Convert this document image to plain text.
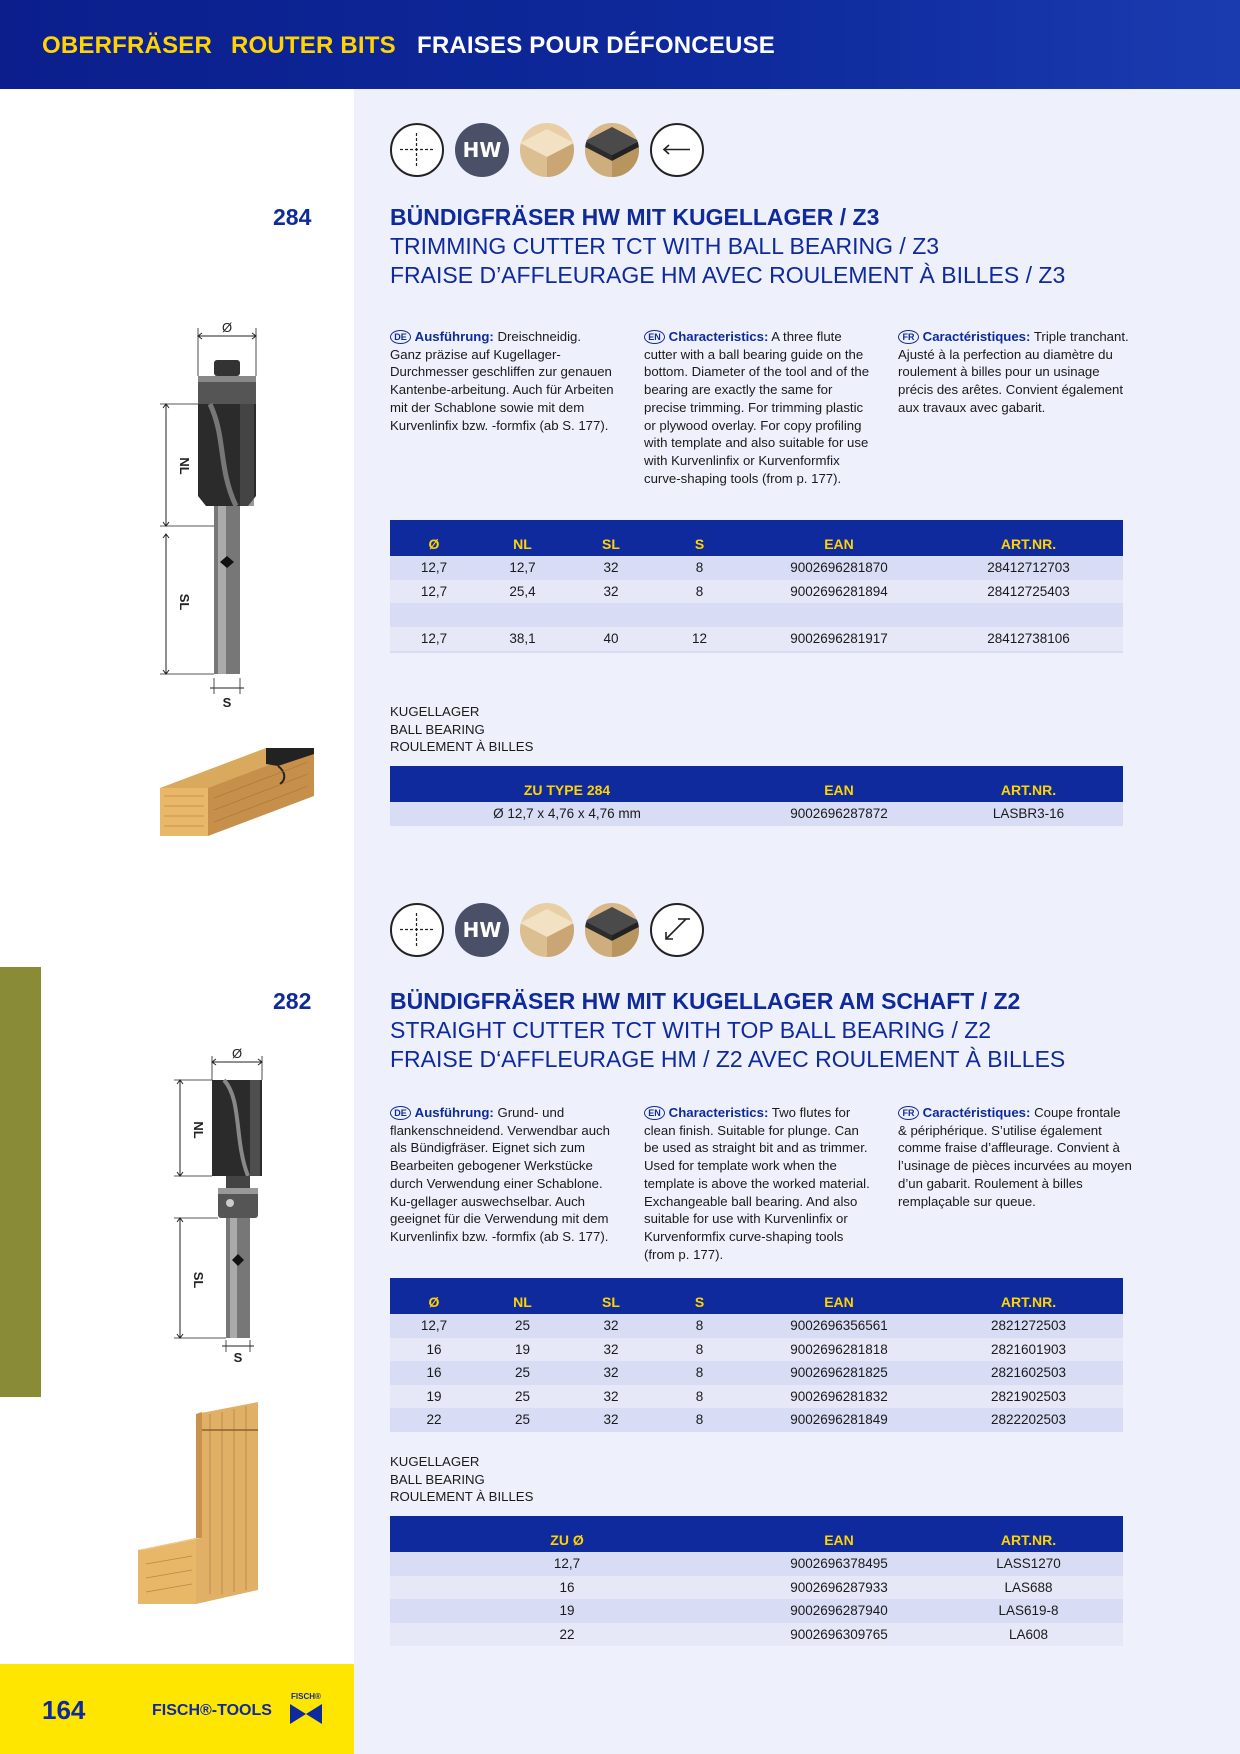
OBERFRÄSER ROUTER BITS FRAISES POUR DÉFONCEUSE
HW
284	BÜNDIGFRÄSER HW MIT KUGELLAGER / Z3
TRIMMING CUTTER TCT WITH BALL BEARING / Z3
FRAISE D’AFFLEURAGE HM AVEC ROULEMENT À BILLES / Z3
DE Ausführung: Dreischneidig. Ganz präzise auf Kugellager-Durchmesser geschliffen zur genauen Kantenbe-arbeitung. Auch für Arbeiten mit der Schablone sowie mit dem Kurvenlinfix bzw. -formfix (ab S. 177).
EN Characteristics: A three flute cutter with a ball bearing guide on the bottom. Diameter of the tool and of the bearing are exactly the same for precise trimming. For trimming plastic or plywood overlay. For copy profiling with template and also suitable for use with Kurvenlinfix or Kurvenformfix curve-shaping tools (from p. 177).
FR Caractéristiques: Triple tranchant. Ajusté à la perfection au diamètre du roulement à billes pour un usinage précis des arêtes. Convient également aux travaux avec gabarit.
Ø	NL	SL	S	EAN	ART.NR.
12,7	12,7	32	8	9002696281870	28412712703
12,7	25,4	32	8	9002696281894	28412725403

12,7	38,1	40	12	9002696281917	28412738106

KUGELLAGER
BALL BEARING
ROULEMENT À BILLES
ZU TYPE 284	EAN	ART.NR.
Ø 12,7 x 4,76 x 4,76 mm	9002696287872	LASBR3-16
Ø
NL
SL
S
HW
282	BÜNDIGFRÄSER HW MIT KUGELLAGER AM SCHAFT / Z2
STRAIGHT CUTTER TCT WITH TOP BALL BEARING / Z2
FRAISE D‘AFFLEURAGE HM / Z2 AVEC ROULEMENT À BILLES
DE Ausführung: Grund- und flankenschneidend. Verwendbar auch als Bündigfräser. Eignet sich zum Bearbeiten gebogener Werkstücke durch Verwendung einer Schablone. Ku-gellager auswechselbar. Auch geeignet für die Verwendung mit dem Kurvenlinfix bzw. -formfix (ab S. 177).
EN Characteristics: Two flutes for clean finish. Suitable for plunge. Can be used as straight bit and as trimmer. Used for template work when the template is above the worked material. Exchangeable ball bearing. And also suitable for use with Kurvenlinfix or Kurvenformfix curve-shaping tools (from p. 177).
FR Caractéristiques: Coupe frontale & périphérique. S’utilise également comme fraise d’affleurage. Convient à l’usinage de pièces incurvées au moyen d’un gabarit. Roulement à billes remplaçable sur queue.
Ø	NL	SL	S	EAN	ART.NR.
12,7	25	32	8	9002696356561	2821272503
16	19	32	8	9002696281818	2821601903
16	25	32	8	9002696281825	2821602503
19	25	32	8	9002696281832	2821902503
22	25	32	8	9002696281849	2822202503
KUGELLAGER
BALL BEARING
ROULEMENT À BILLES
ZU Ø	EAN	ART.NR.
12,7	9002696378495	LASS1270
16	9002696287933	LAS688
19	9002696287940	LAS619-8
22	9002696309765	LA608
Ø
NL
SL
S
164	FISCH®-TOOLS
FISCH®
